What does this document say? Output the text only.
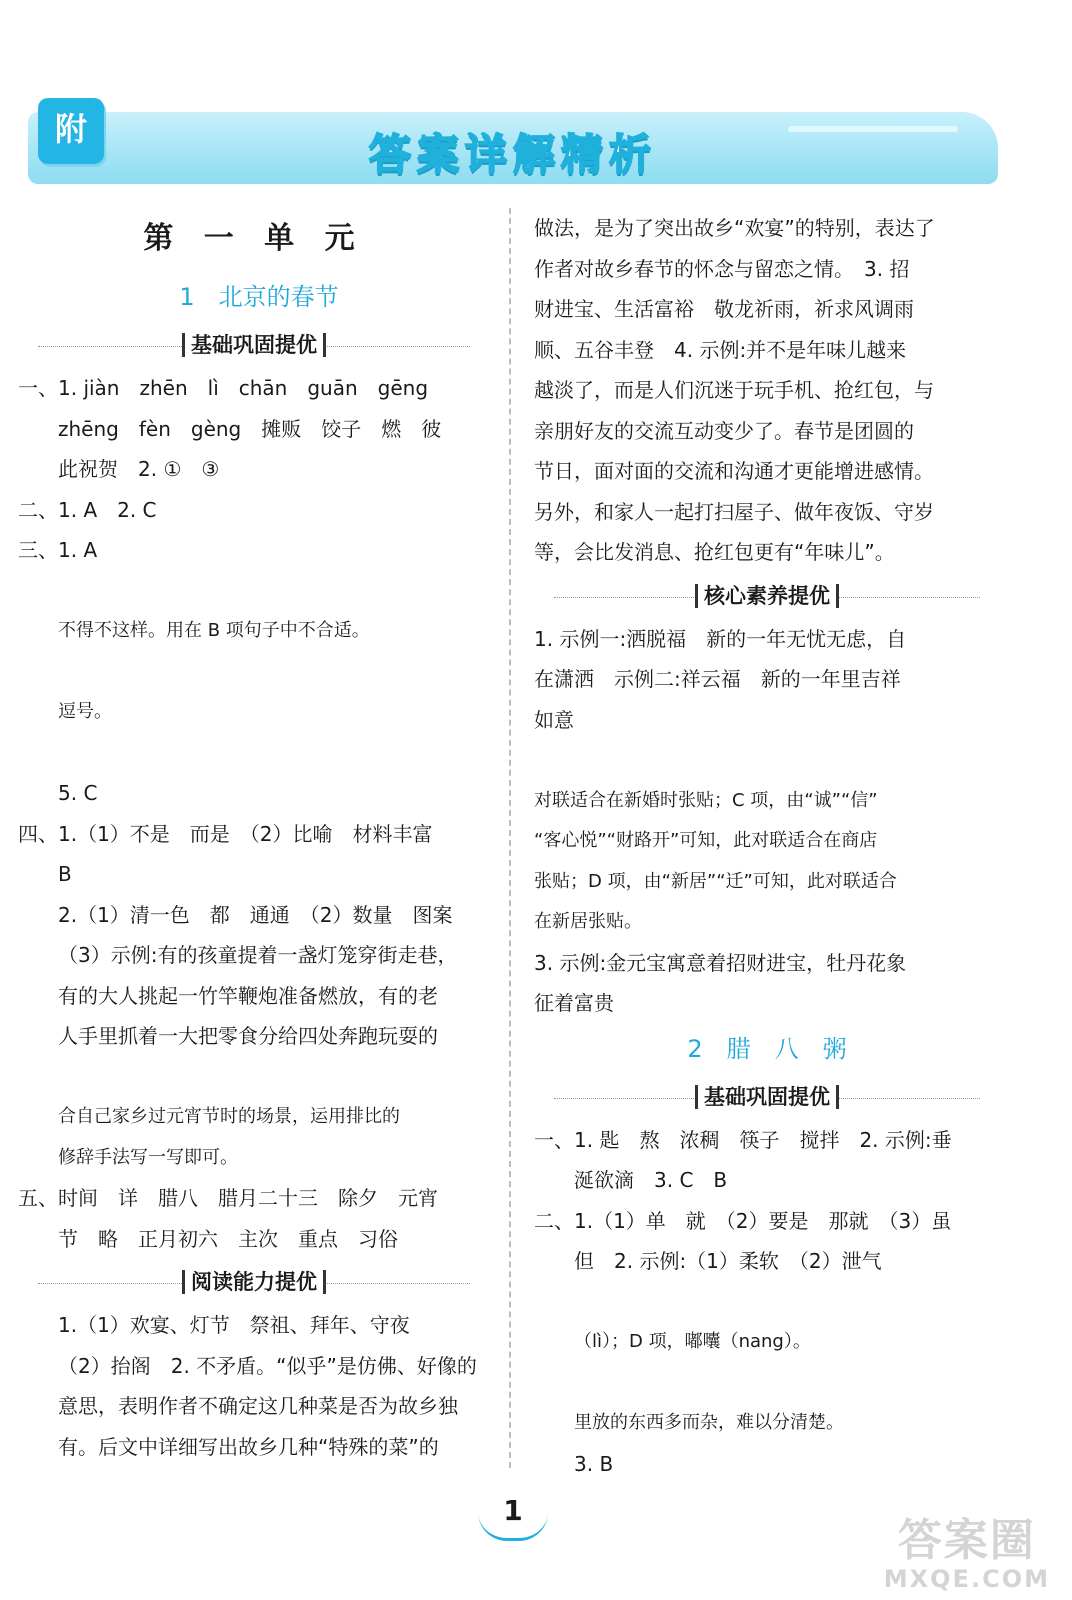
答案详解精析
附
第 一 单 元
1　北京的春节
基础巩固提优
一、1. jiàn　zhēn　lì　chān　guān　gēng
zhēng　fèn　gèng　摊贩　饺子　燃　彼
此祝贺　2. ①　③
二、1. A　2. C
三、1. A

不得不这样。用在 B 项句子中不合适。

逗号。

5. C
四、1.（1）不是　而是　（2）比喻　材料丰富
B
2.（1）清一色　都　通通　（2）数量　图案
（3）示例:有的孩童提着一盏灯笼穿街走巷，
有的大人挑起一竹竿鞭炮准备燃放，有的老
人手里抓着一大把零食分给四处奔跑玩耍的

合自己家乡过元宵节时的场景，运用排比的
修辞手法写一写即可。
五、时间　详　腊八　腊月二十三　除夕　元宵
节　略　正月初六　主次　重点　习俗
阅读能力提优
1.（1）欢宴、灯节　祭祖、拜年、守夜
（2）抬阁　2. 不矛盾。“似乎”是仿佛、好像的
意思，表明作者不确定这几种菜是否为故乡独
有。后文中详细写出故乡几种“特殊的菜”的
做法，是为了突出故乡“欢宴”的特别，表达了
作者对故乡春节的怀念与留恋之情。　3. 招
财进宝、生活富裕　敬龙祈雨，祈求风调雨
顺、五谷丰登　4. 示例:并不是年味儿越来
越淡了，而是人们沉迷于玩手机、抢红包，与
亲朋好友的交流互动变少了。春节是团圆的
节日，面对面的交流和沟通才更能增进感情。
另外，和家人一起打扫屋子、做年夜饭、守岁
等，会比发消息、抢红包更有“年味儿”。
核心素养提优
1. 示例一:洒脱福　新的一年无忧无虑，自
在潇洒　示例二:祥云福　新的一年里吉祥
如意

对联适合在新婚时张贴；C 项，由“诚”“信”
“客心悦”“财路开”可知，此对联适合在商店
张贴；D 项，由“新居”“迁”可知，此对联适合
在新居张贴。
3. 示例:金元宝寓意着招财进宝，牡丹花象
征着富贵
2　腊　八　粥
基础巩固提优
一、1. 匙　熬　浓稠　筷子　搅拌　2. 示例:垂
涎欲滴　3. C　B
二、1.（1）单　就　（2）要是　那就　（3）虽
但　2. 示例:（1）柔软　（2）泄气

（lì）；D 项，嘟囔（nang）。

里放的东西多而杂，难以分清楚。
3. B
1
答案圈
MXQE.COM
